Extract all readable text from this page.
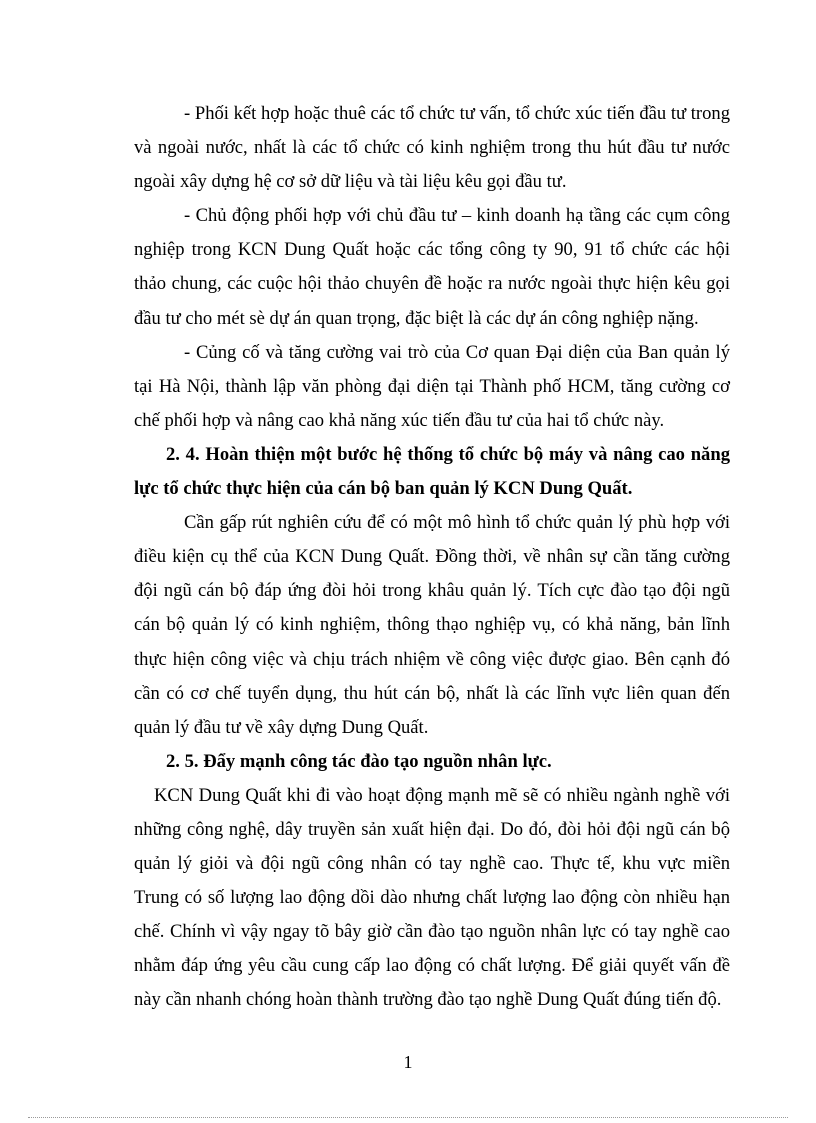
- Phối kết hợp hoặc thuê các tổ chức tư vấn, tổ chức xúc tiến đầu tư trong và ngoài nước, nhất là các tổ chức có kinh nghiệm trong thu hút đầu tư nước ngoài xây dựng hệ cơ sở dữ liệu và tài liệu kêu gọi đầu tư.

- Chủ động phối hợp với chủ đầu tư – kinh doanh hạ tầng các cụm công nghiệp trong KCN Dung Quất hoặc các tổng công ty 90, 91 tổ chức các hội thảo chung, các cuộc hội thảo chuyên đề hoặc ra nước ngoài thực hiện kêu gọi đầu tư cho mét sè dự án quan trọng, đặc biệt là các dự án công nghiệp nặng.

- Củng cố và tăng cường vai trò của Cơ quan Đại diện của Ban quản lý tại Hà Nội, thành lập văn phòng đại diện tại Thành phố HCM, tăng cường cơ chế phối hợp và nâng cao khả năng xúc tiến đầu tư của hai tổ chức này.

2. 4. Hoàn thiện một bước hệ thống tổ chức bộ máy và nâng cao năng lực tổ chức thực hiện của cán bộ ban quản lý KCN Dung Quất.

Cần gấp rút nghiên cứu để có một mô hình tổ chức quản lý phù hợp với điều kiện cụ thể của KCN Dung Quất. Đồng thời, về nhân sự cần tăng cường đội ngũ cán bộ đáp ứng đòi hỏi trong khâu quản lý. Tích cực đào tạo đội ngũ cán bộ quản lý có kinh nghiệm, thông thạo nghiệp vụ, có khả năng, bản lĩnh thực hiện công việc và chịu trách nhiệm về công việc được giao. Bên cạnh đó cần có cơ chế tuyển dụng, thu hút cán bộ, nhất là các lĩnh vực liên quan đến quản lý đầu tư về xây dựng Dung Quất.

2. 5. Đẩy mạnh công tác đào tạo nguồn nhân lực.

KCN Dung Quất khi đi vào hoạt động mạnh mẽ sẽ có nhiều ngành nghề với những công nghệ, dây truyền sản xuất hiện đại. Do đó, đòi hỏi đội ngũ cán bộ quản lý giỏi và đội ngũ công nhân có tay nghề cao. Thực tế, khu vực miền Trung có số lượng lao động dồi dào nhưng chất lượng lao động còn nhiều hạn chế. Chính vì vậy ngay tõ bây giờ cần đào tạo nguồn nhân lực có tay nghề cao nhằm đáp ứng yêu cầu cung cấp lao động có chất lượng. Để giải quyết vấn đề này cần nhanh chóng hoàn thành trường đào tạo nghề Dung Quất đúng tiến độ.

1
